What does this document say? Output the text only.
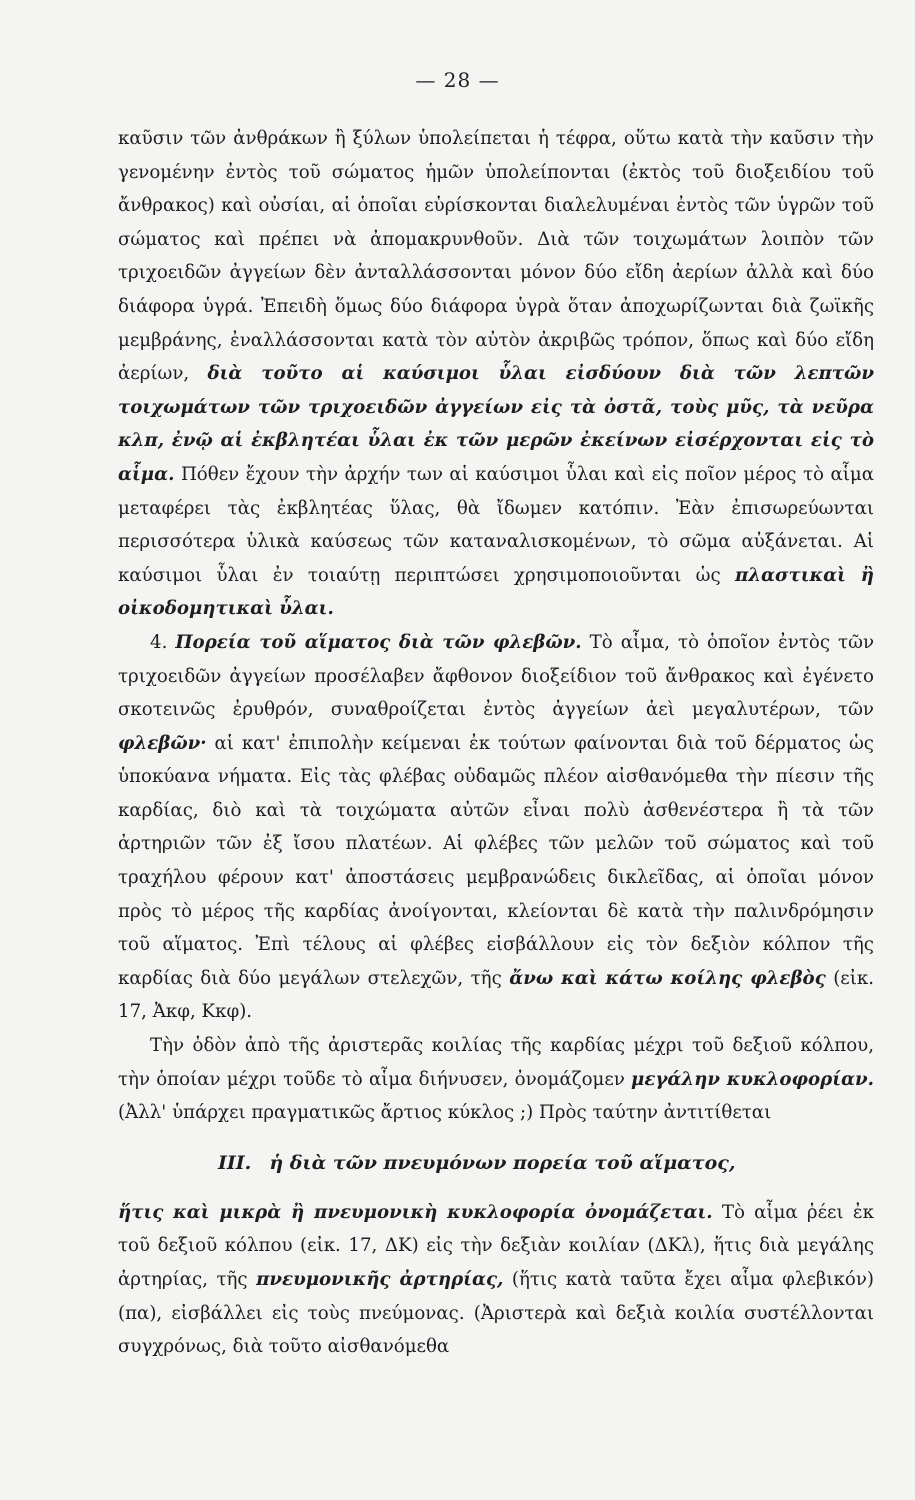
— 28 —

καῦσιν τῶν ἀνθράκων ἢ ξύλων ὑπολείπεται ἡ τέφρα, οὕτω κατὰ τὴν καῦσιν τὴν γενομένην ἐντὸς τοῦ σώματος ἡμῶν ὑπολείπονται (ἐκτὸς τοῦ διοξειδίου τοῦ ἄνθρακος) καὶ οὐσίαι, αἱ ὁποῖαι εὑρίσκονται διαλελυμέναι ἐντὸς τῶν ὑγρῶν τοῦ σώματος καὶ πρέπει νὰ ἀπομακρυνθοῦν. Διὰ τῶν τοιχωμάτων λοιπὸν τῶν τριχοειδῶν ἀγγείων δὲν ἀνταλλάσσονται μόνον δύο εἴδη ἀερίων ἀλλὰ καὶ δύο διάφορα ὑγρά. Ἐπειδὴ ὅμως δύο διάφορα ὑγρὰ ὅταν ἀποχωρίζωνται διὰ ζωϊκῆς μεμβράνης, ἐναλλάσσονται κατὰ τὸν αὐτὸν ἀκριβῶς τρόπον, ὅπως καὶ δύο εἴδη ἀερίων, διὰ τοῦτο αἱ καύσιμοι ὗλαι εἰσδύουν διὰ τῶν λεπτῶν τοιχωμάτων τῶν τριχοειδῶν ἀγγείων εἰς τὰ ὀστᾶ, τοὺς μῦς, τὰ νεῦρα κλπ, ἐνῷ αἱ ἐκβλητέαι ὗλαι ἐκ τῶν μερῶν ἐκείνων εἰσέρχονται εἰς τὸ αἷμα. Πόθεν ἔχουν τὴν ἀρχήν των αἱ καύσιμοι ὗλαι καὶ εἰς ποῖον μέρος τὸ αἷμα μεταφέρει τὰς ἐκβλητέας ὕλας, θὰ ἴδωμεν κατόπιν. Ἐὰν ἐπισωρεύωνται περισσότερα ὑλικὰ καύσεως τῶν καταναλισκομένων, τὸ σῶμα αὐξάνεται. Αἱ καύσιμοι ὗλαι ἐν τοιαύτῃ περιπτώσει χρησιμοποιοῦνται ὡς πλαστικαὶ ἢ οἰκοδομητικαὶ ὗλαι.

4. Πορεία τοῦ αἵματος διὰ τῶν φλεβῶν. Τὸ αἷμα, τὸ ὁποῖον ἐντὸς τῶν τριχοειδῶν ἀγγείων προσέλαβεν ἄφθονον διοξείδιον τοῦ ἄνθρακος καὶ ἐγένετο σκοτεινῶς ἐρυθρόν, συναθροίζεται ἐντὸς ἀγγείων ἀεὶ μεγαλυτέρων, τῶν φλεβῶν· αἱ κατ' ἐπιπολὴν κείμεναι ἐκ τούτων φαίνονται διὰ τοῦ δέρματος ὡς ὑποκύανα νήματα. Εἰς τὰς φλέβας οὐδαμῶς πλέον αἰσθανόμεθα τὴν πίεσιν τῆς καρδίας, διὸ καὶ τὰ τοιχώματα αὐτῶν εἶναι πολὺ ἀσθενέστερα ἢ τὰ τῶν ἀρτηριῶν τῶν ἐξ ἴσου πλατέων. Αἱ φλέβες τῶν μελῶν τοῦ σώματος καὶ τοῦ τραχήλου φέρουν κατ' ἀποστάσεις μεμβρανώδεις δικλεῖδας, αἱ ὁποῖαι μόνον πρὸς τὸ μέρος τῆς καρδίας ἀνοίγονται, κλείονται δὲ κατὰ τὴν παλινδρόμησιν τοῦ αἵματος. Ἐπὶ τέλους αἱ φλέβες εἰσβάλλουν εἰς τὸν δεξιὸν κόλπον τῆς καρδίας διὰ δύο μεγάλων στελεχῶν, τῆς ἄνω καὶ κάτω κοίλης φλεβὸς (εἰκ. 17, Ἀκφ, Κκφ).

Τὴν ὁδὸν ἀπὸ τῆς ἀριστερᾶς κοιλίας τῆς καρδίας μέχρι τοῦ δεξιοῦ κόλπου, τὴν ὁποίαν μέχρι τοῦδε τὸ αἷμα διήνυσεν, ὀνομάζομεν μεγάλην κυκλοφορίαν. (Ἀλλ' ὑπάρχει πραγματικῶς ἄρτιος κύκλος ;) Πρὸς ταύτην ἀντιτίθεται

III. ἡ διὰ τῶν πνευμόνων πορεία τοῦ αἵματος,

ἥτις καὶ μικρὰ ἢ πνευμονικὴ κυκλοφορία ὀνομάζεται. Τὸ αἷμα ῥέει ἐκ τοῦ δεξιοῦ κόλπου (εἰκ. 17, ΔΚ) εἰς τὴν δεξιὰν κοιλίαν (ΔΚλ), ἥτις διὰ μεγάλης ἀρτηρίας, τῆς πνευμονικῆς ἀρτηρίας, (ἥτις κατὰ ταῦτα ἔχει αἷμα φλεβικόν) (πα), εἰσβάλλει εἰς τοὺς πνεύμονας. (Ἀριστερὰ καὶ δεξιὰ κοιλία συστέλλονται συγχρόνως, διὰ τοῦτο αἰσθανόμεθα
